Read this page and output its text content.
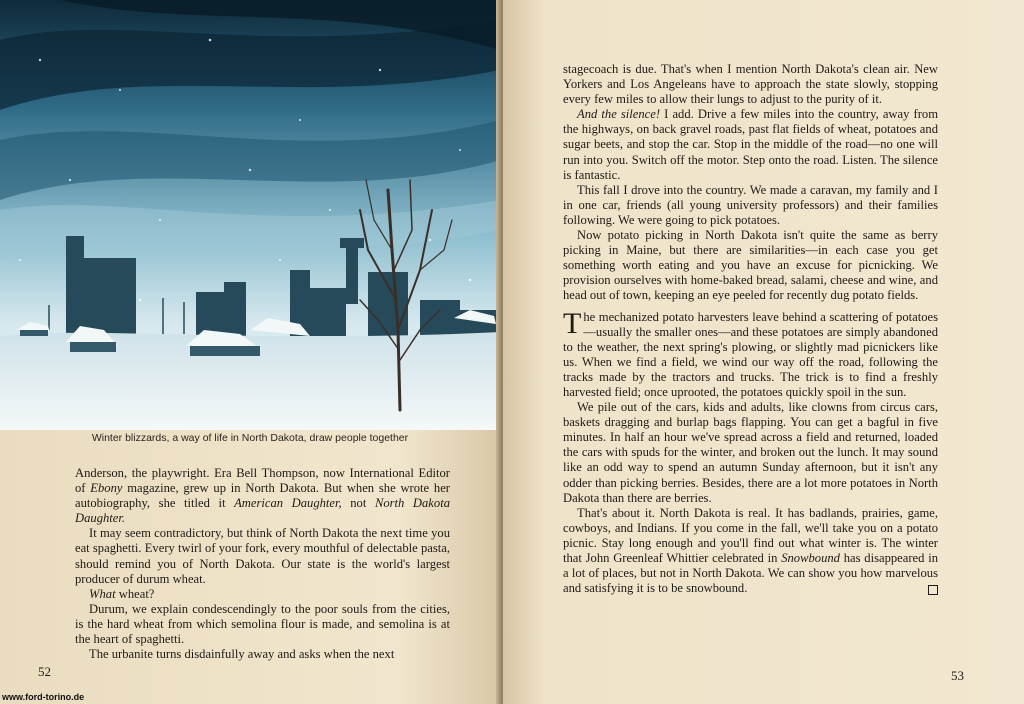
Winter blizzards, a way of life in North Dakota, draw people together

Anderson, the playwright. Era Bell Thompson, now International Editor of Ebony magazine, grew up in North Dakota. But when she wrote her autobiography, she titled it American Daughter, not North Dakota Daughter.

It may seem contradictory, but think of North Dakota the next time you eat spaghetti. Every twirl of your fork, every mouthful of delectable pasta, should remind you of North Dakota. Our state is the world's largest producer of durum wheat.

What wheat?

Durum, we explain condescendingly to the poor souls from the cities, is the hard wheat from which semolina flour is made, and semolina is at the heart of spaghetti.

The urbanite turns disdainfully away and asks when the next

52

stagecoach is due. That's when I mention North Dakota's clean air. New Yorkers and Los Angeleans have to approach the state slowly, stopping every few miles to allow their lungs to adjust to the purity of it.

And the silence! I add. Drive a few miles into the country, away from the highways, on back gravel roads, past flat fields of wheat, potatoes and sugar beets, and stop the car. Stop in the middle of the road—no one will run into you. Switch off the motor. Step onto the road. Listen. The silence is fantastic.

This fall I drove into the country. We made a caravan, my family and I in one car, friends (all young university professors) and their families following. We were going to pick potatoes.

Now potato picking in North Dakota isn't quite the same as berry picking in Maine, but there are similarities—in each case you get something worth eating and you have an excuse for picnicking. We provision ourselves with home-baked bread, salami, cheese and wine, and head out of town, keeping an eye peeled for recently dug potato fields.

The mechanized potato harvesters leave behind a scattering of potatoes—usually the smaller ones—and these potatoes are simply abandoned to the weather, the next spring's plowing, or slightly mad picnickers like us. When we find a field, we wind our way off the road, following the tracks made by the tractors and trucks. The trick is to find a freshly harvested field; once uprooted, the potatoes quickly spoil in the sun.

We pile out of the cars, kids and adults, like clowns from circus cars, baskets dragging and burlap bags flapping. You can get a bagful in five minutes. In half an hour we've spread across a field and returned, loaded the cars with spuds for the winter, and broken out the lunch. It may sound like an odd way to spend an autumn Sunday afternoon, but it isn't any odder than picking berries. Besides, there are a lot more potatoes in North Dakota than there are berries.

That's about it. North Dakota is real. It has badlands, prairies, game, cowboys, and Indians. If you come in the fall, we'll take you on a potato picnic. Stay long enough and you'll find out what winter is. The winter that John Greenleaf Whittier celebrated in Snowbound has disappeared in a lot of places, but not in North Dakota. We can show you how marvelous and satisfying it is to be snowbound.

53
www.ford-torino.de
